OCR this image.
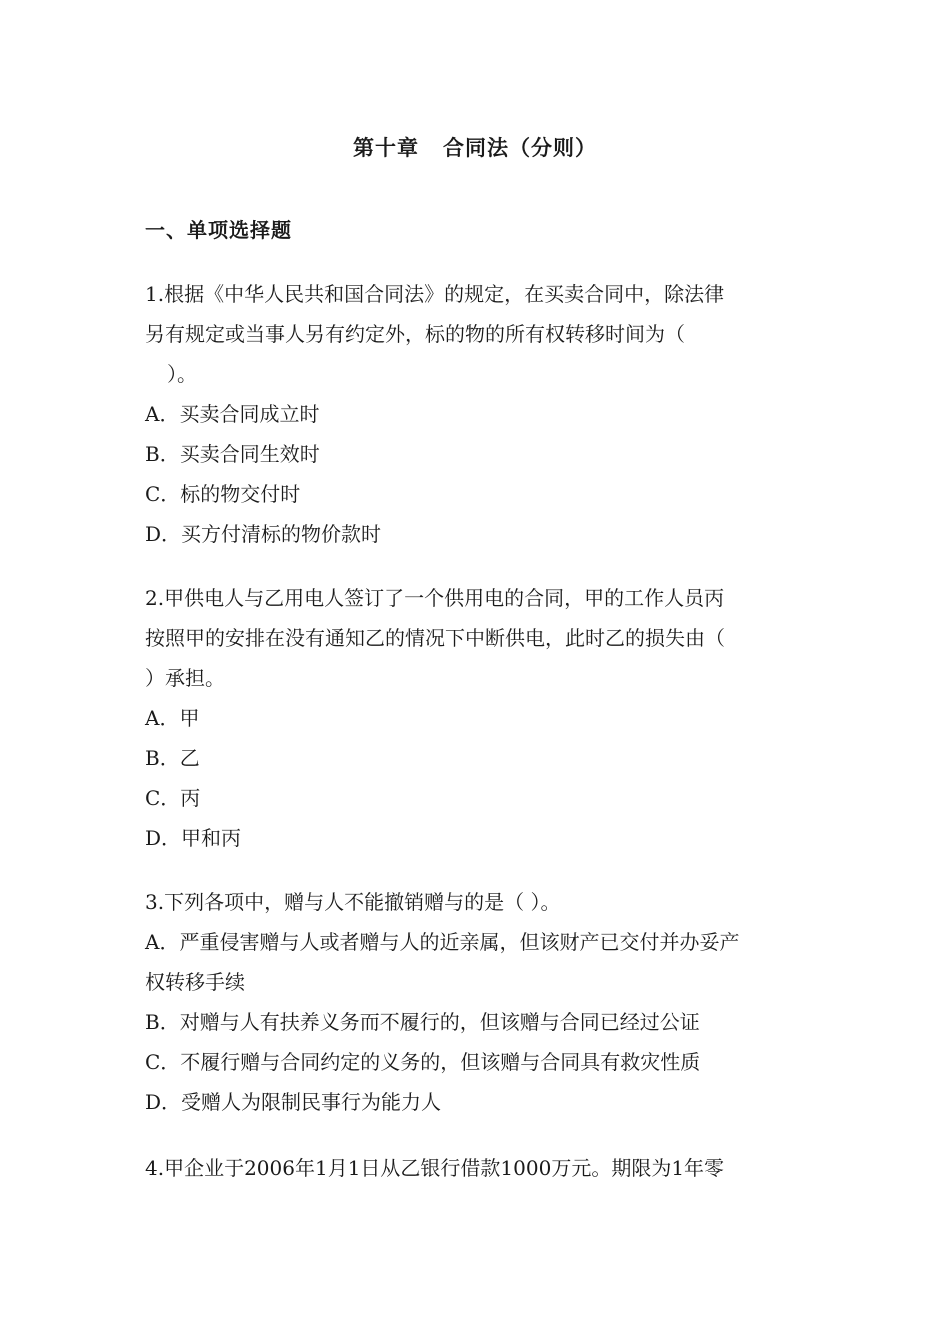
第十章 合同法（分则）
一、单项选择题

1.根据《中华人民共和国合同法》的规定，在买卖合同中，除法律

另有规定或当事人另有约定外，标的物的所有权转移时间为（

）。

A．买卖合同成立时

B．买卖合同生效时

C．标的物交付时

D．买方付清标的物价款时

2.甲供电人与乙用电人签订了一个供用电的合同，甲的工作人员丙

按照甲的安排在没有通知乙的情况下中断供电，此时乙的损失由（

）承担。

A．甲

B．乙

C．丙

D．甲和丙

3.下列各项中，赠与人不能撤销赠与的是（ ）。

A．严重侵害赠与人或者赠与人的近亲属，但该财产已交付并办妥产

权转移手续

B．对赠与人有扶养义务而不履行的，但该赠与合同已经过公证

C．不履行赠与合同约定的义务的，但该赠与合同具有救灾性质

D．受赠人为限制民事行为能力人

4.甲企业于2006年1月1日从乙银行借款1000万元。期限为1年零
